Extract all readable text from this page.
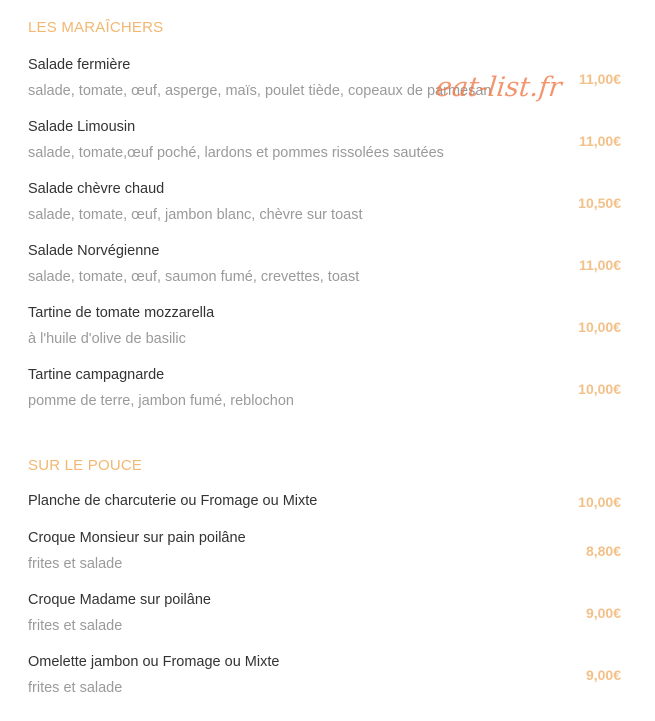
LES MARAÎCHERS
Salade fermière
salade, tomate, œuf, asperge, maïs, poulet tiède, copeaux de parmesan
11,00€
Salade Limousin
salade, tomate,œuf poché, lardons et pommes rissolées sautées
11,00€
Salade chèvre chaud
salade, tomate, œuf, jambon blanc, chèvre sur toast
10,50€
Salade Norvégienne
salade, tomate, œuf, saumon fumé, crevettes, toast
11,00€
Tartine de tomate mozzarella
à l'huile d'olive de basilic
10,00€
Tartine campagnarde
pomme de terre, jambon fumé, reblochon
10,00€
SUR LE POUCE
Planche de charcuterie ou Fromage ou Mixte	10,00€
Croque Monsieur sur pain poilâne
frites et salade
8,80€
Croque Madame sur poilâne
frites et salade
9,00€
Omelette jambon ou Fromage ou Mixte
frites et salade
9,00€
eat-list.fr
